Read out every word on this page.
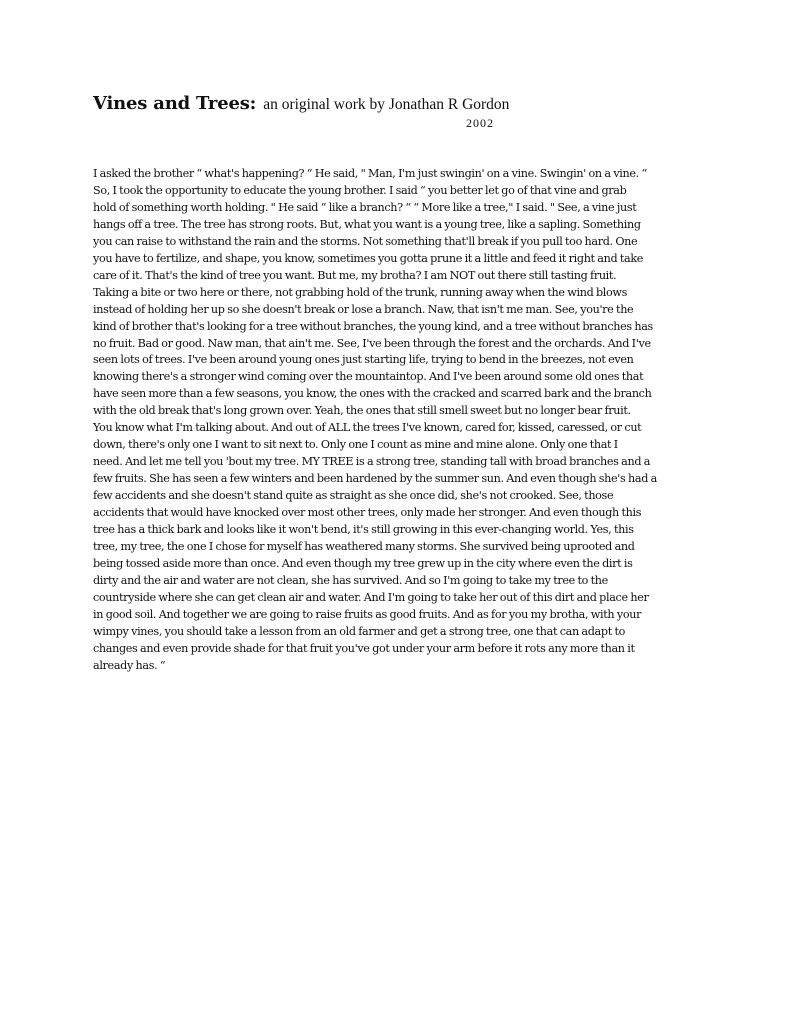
Vines and Trees: an original work by Jonathan R Gordon
2002
I asked the brother “ what's happening? “ He said, " Man, I'm just swingin' on a vine. Swingin' on a vine. “
So, I took the opportunity to educate the young brother. I said “ you better let go of that vine and grab
hold of something worth holding. " He said “ like a branch? “ “ More like a tree," I said. " See, a vine just
hangs off a tree. The tree has strong roots. But, what you want is a young tree, like a sapling. Something
you can raise to withstand the rain and the storms. Not something that'll break if you pull too hard. One
you have to fertilize, and shape, you know, sometimes you gotta prune it a little and feed it right and take
care of it. That's the kind of tree you want. But me, my brotha? I am NOT out there still tasting fruit.
Taking a bite or two here or there, not grabbing hold of the trunk, running away when the wind blows
instead of holding her up so she doesn't break or lose a branch. Naw, that isn't me man. See, you're the
kind of brother that's looking for a tree without branches, the young kind, and a tree without branches has
no fruit. Bad or good. Naw man, that ain't me. See, I've been through the forest and the orchards. And I've
seen lots of trees. I've been around young ones just starting life, trying to bend in the breezes, not even
knowing there's a stronger wind coming over the mountaintop. And I've been around some old ones that
have seen more than a few seasons, you know, the ones with the cracked and scarred bark and the branch
with the old break that's long grown over. Yeah, the ones that still smell sweet but no longer bear fruit.
You know what I'm talking about. And out of ALL the trees I've known, cared for, kissed, caressed, or cut
down, there's only one I want to sit next to. Only one I count as mine and mine alone. Only one that I
need. And let me tell you 'bout my tree. MY TREE is a strong tree, standing tall with broad branches and a
few fruits. She has seen a few winters and been hardened by the summer sun. And even though she's had a
few accidents and she doesn't stand quite as straight as she once did, she's not crooked. See, those
accidents that would have knocked over most other trees, only made her stronger. And even though this
tree has a thick bark and looks like it won't bend, it's still growing in this ever-changing world. Yes, this
tree, my tree, the one I chose for myself has weathered many storms. She survived being uprooted and
being tossed aside more than once. And even though my tree grew up in the city where even the dirt is
dirty and the air and water are not clean, she has survived. And so I'm going to take my tree to the
countryside where she can get clean air and water. And I'm going to take her out of this dirt and place her
in good soil. And together we are going to raise fruits as good fruits. And as for you my brotha, with your
wimpy vines, you should take a lesson from an old farmer and get a strong tree, one that can adapt to
changes and even provide shade for that fruit you've got under your arm before it rots any more than it
already has. “
